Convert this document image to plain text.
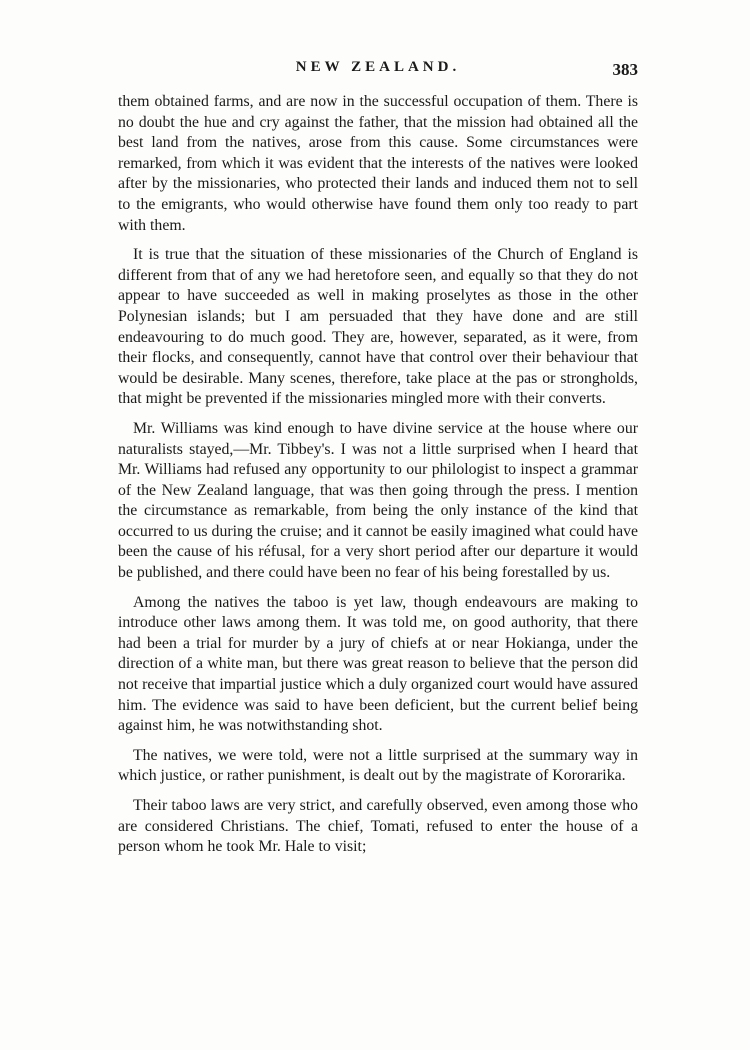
NEW ZEALAND.	383

them obtained farms, and are now in the successful occupation of them. There is no doubt the hue and cry against the father, that the mission had obtained all the best land from the natives, arose from this cause. Some circumstances were remarked, from which it was evident that the interests of the natives were looked after by the missionaries, who protected their lands and induced them not to sell to the emigrants, who would otherwise have found them only too ready to part with them.

It is true that the situation of these missionaries of the Church of England is different from that of any we had heretofore seen, and equally so that they do not appear to have succeeded as well in making proselytes as those in the other Polynesian islands; but I am persuaded that they have done and are still endeavouring to do much good. They are, however, separated, as it were, from their flocks, and consequently, cannot have that control over their behaviour that would be desirable. Many scenes, therefore, take place at the pas or strongholds, that might be prevented if the missionaries mingled more with their converts.

Mr. Williams was kind enough to have divine service at the house where our naturalists stayed,—Mr. Tibbey's. I was not a little surprised when I heard that Mr. Williams had refused any opportunity to our philologist to inspect a grammar of the New Zealand language, that was then going through the press. I mention the circumstance as remarkable, from being the only instance of the kind that occurred to us during the cruise; and it cannot be easily imagined what could have been the cause of his réfusal, for a very short period after our departure it would be published, and there could have been no fear of his being forestalled by us.

Among the natives the taboo is yet law, though endeavours are making to introduce other laws among them. It was told me, on good authority, that there had been a trial for murder by a jury of chiefs at or near Hokianga, under the direction of a white man, but there was great reason to believe that the person did not receive that impartial justice which a duly organized court would have assured him. The evidence was said to have been deficient, but the current belief being against him, he was notwithstanding shot.

The natives, we were told, were not a little surprised at the summary way in which justice, or rather punishment, is dealt out by the magistrate of Kororarika.

Their taboo laws are very strict, and carefully observed, even among those who are considered Christians. The chief, Tomati, refused to enter the house of a person whom he took Mr. Hale to visit;
